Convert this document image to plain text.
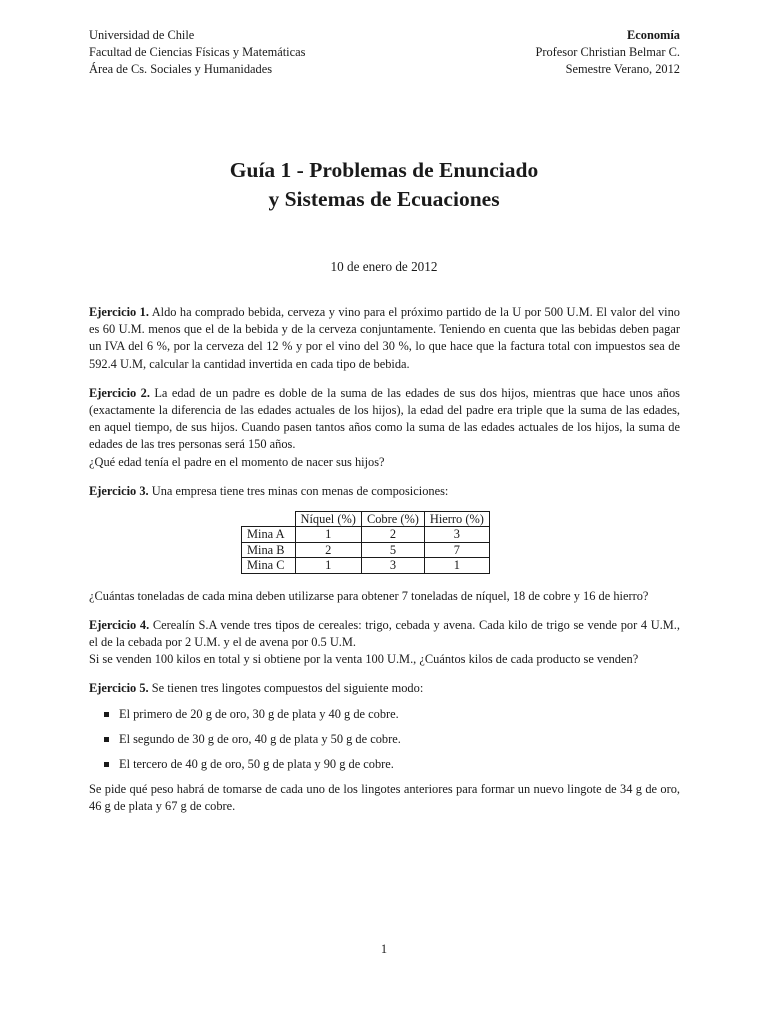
Universidad de Chile
Facultad de Ciencias Físicas y Matemáticas
Área de Cs. Sociales y Humanidades
Economía
Profesor Christian Belmar C.
Semestre Verano, 2012
Guía 1 - Problemas de Enunciado
y Sistemas de Ecuaciones
10 de enero de 2012

Ejercicio 1. Aldo ha comprado bebida, cerveza y vino para el próximo partido de la U por 500 U.M. El valor del vino es 60 U.M. menos que el de la bebida y de la cerveza conjuntamente. Teniendo en cuenta que las bebidas deben pagar un IVA del 6 %, por la cerveza del 12 % y por el vino del 30 %, lo que hace que la factura total con impuestos sea de 592.4 U.M, calcular la cantidad invertida en cada tipo de bebida.

Ejercicio 2. La edad de un padre es doble de la suma de las edades de sus dos hijos, mientras que hace unos años (exactamente la diferencia de las edades actuales de los hijos), la edad del padre era triple que la suma de las edades, en aquel tiempo, de sus hijos. Cuando pasen tantos años como la suma de las edades actuales de los hijos, la suma de edades de las tres personas será 150 años.

¿Qué edad tenía el padre en el momento de nacer sus hijos?

Ejercicio 3. Una empresa tiene tres minas con menas de composiciones:

	Níquel (%)	Cobre (%)	Hierro (%)
Mina A	1	2	3
Mina B	2	5	7
Mina C	1	3	1

¿Cuántas toneladas de cada mina deben utilizarse para obtener 7 toneladas de níquel, 18 de cobre y 16 de hierro?

Ejercicio 4. Cerealín S.A vende tres tipos de cereales: trigo, cebada y avena. Cada kilo de trigo se vende por 4 U.M., el de la cebada por 2 U.M. y el de avena por 0.5 U.M.

Si se venden 100 kilos en total y si obtiene por la venta 100 U.M., ¿Cuántos kilos de cada producto se venden?

Ejercicio 5. Se tienen tres lingotes compuestos del siguiente modo:

El primero de 20 g de oro, 30 g de plata y 40 g de cobre.
El segundo de 30 g de oro, 40 g de plata y 50 g de cobre.
El tercero de 40 g de oro, 50 g de plata y 90 g de cobre.

Se pide qué peso habrá de tomarse de cada uno de los lingotes anteriores para formar un nuevo lingote de 34 g de oro, 46 g de plata y 67 g de cobre.

1
